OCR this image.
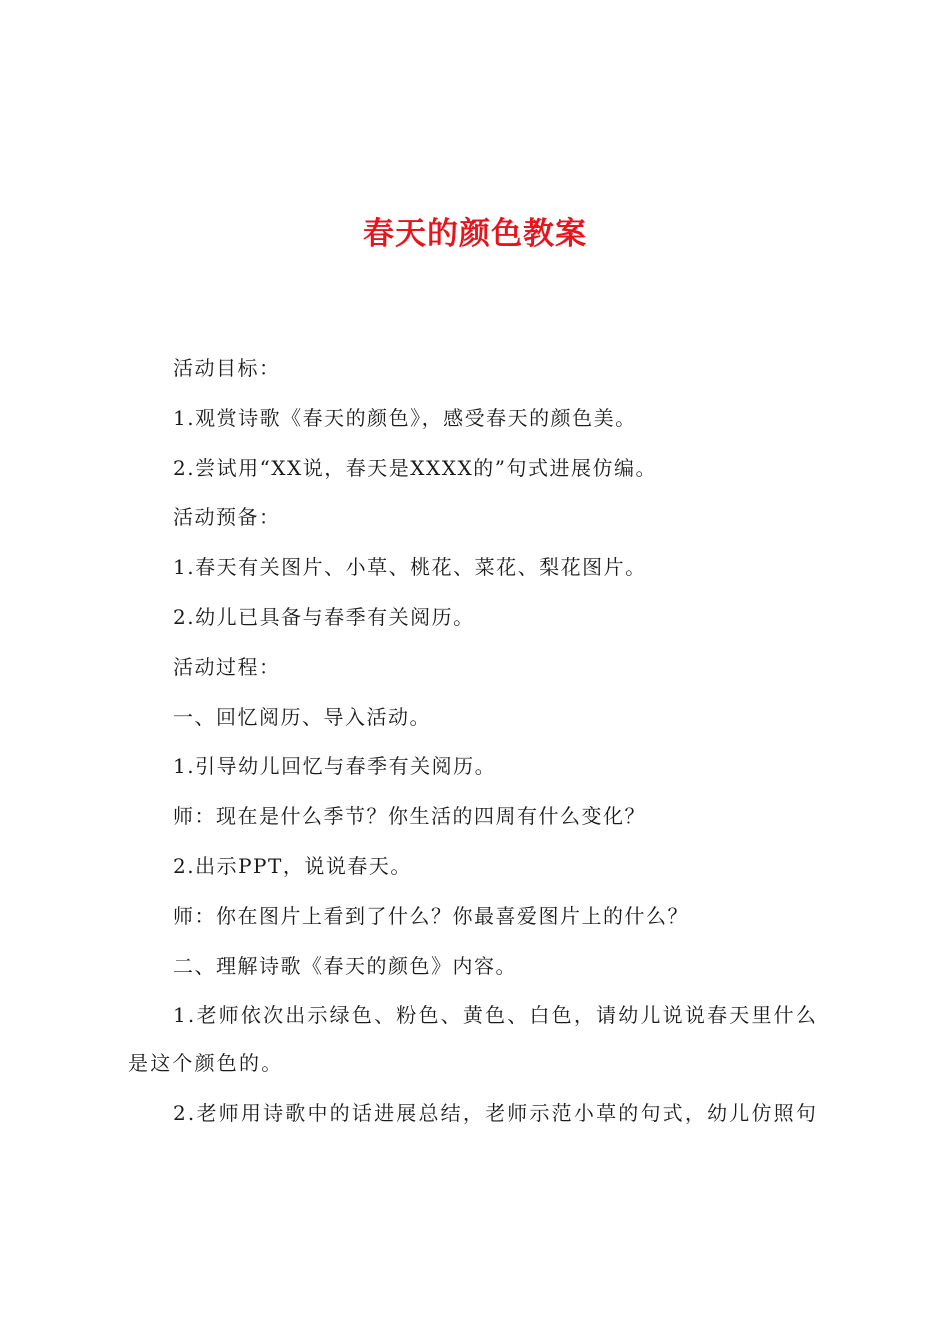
春天的颜色教案

活动目标：

1.观赏诗歌《春天的颜色》，感受春天的颜色美。

2.尝试用“XX说，春天是XXXX的”句式进展仿编。

活动预备：

1.春天有关图片、小草、桃花、菜花、梨花图片。

2.幼儿已具备与春季有关阅历。

活动过程：

一、回忆阅历、导入活动。

1.引导幼儿回忆与春季有关阅历。

师：现在是什么季节？你生活的四周有什么变化？

2.出示PPT，说说春天。

师：你在图片上看到了什么？你最喜爱图片上的什么？

二、理解诗歌《春天的颜色》内容。

1.老师依次出示绿色、粉色、黄色、白色，请幼儿说说春天里什么是这个颜色的。

2.老师用诗歌中的话进展总结，老师示范小草的句式，幼儿仿照句
